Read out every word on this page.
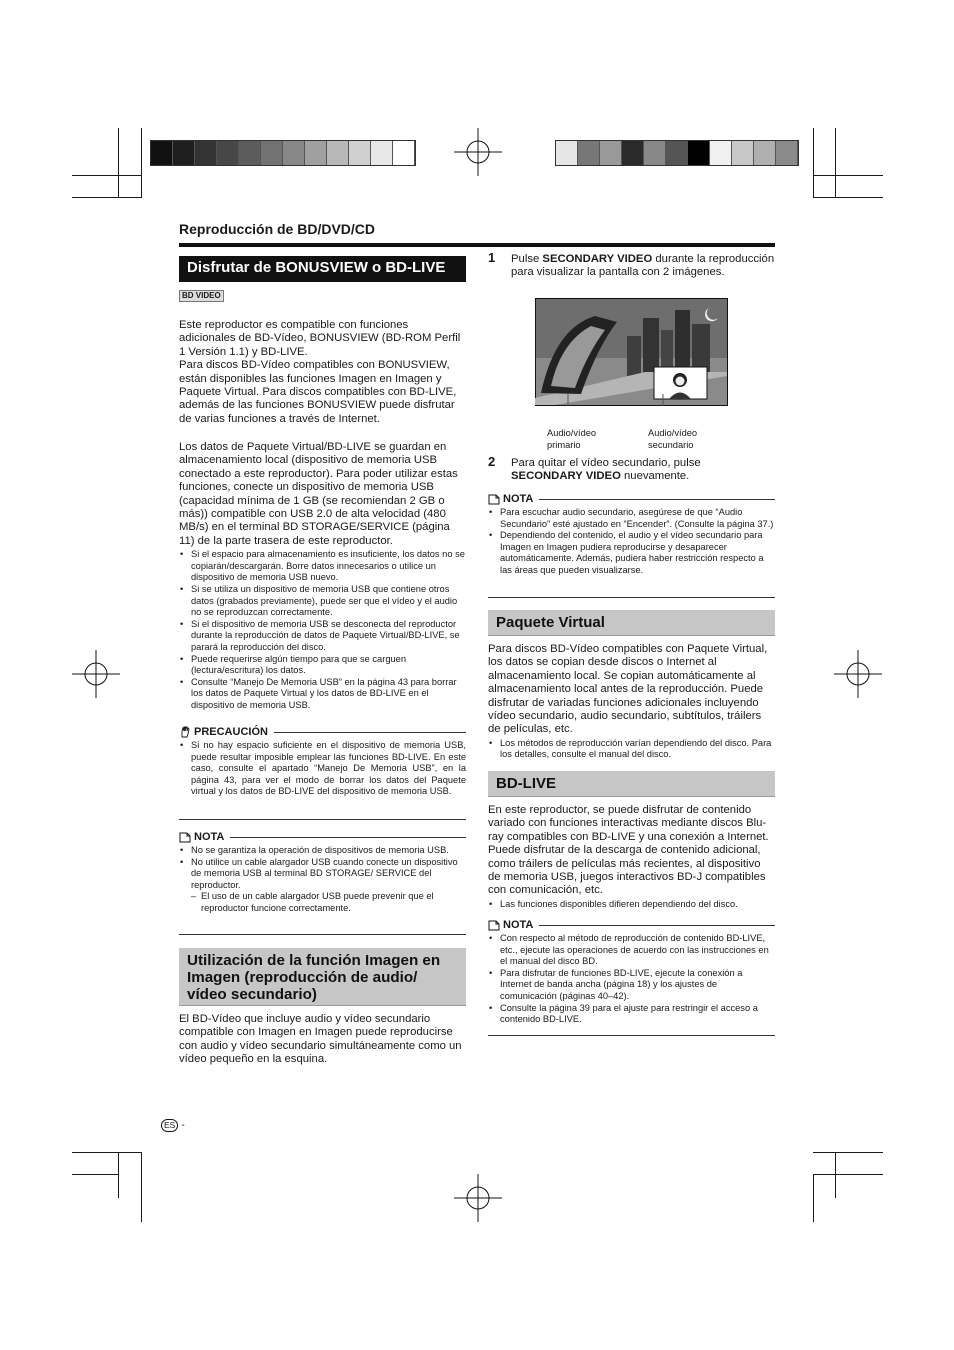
Reproducción de BD/DVD/CD
Disfrutar de BONUSVIEW o BD-LIVE
BD VIDEO

Este reproductor es compatible con funciones adicionales de BD-Vídeo, BONUSVIEW (BD-ROM Perfil 1 Versión 1.1) y BD-LIVE.

Para discos BD-Vídeo compatibles con BONUSVIEW, están disponibles las funciones Imagen en Imagen y Paquete Virtual. Para discos compatibles con BD-LIVE, además de las funciones BONUSVIEW puede disfrutar de varias funciones a través de Internet.

Los datos de Paquete Virtual/BD-LIVE se guardan en almacenamiento local (dispositivo de memoria USB conectado a este reproductor). Para poder utilizar estas funciones, conecte un dispositivo de memoria USB (capacidad mínima de 1 GB (se recomiendan 2 GB o más)) compatible con USB 2.0 de alta velocidad (480 MB/s) en el terminal BD STORAGE/SERVICE (página 11) de la parte trasera de este reproductor.

• Si el espacio para almacenamiento es insuficiente, los datos no se copiarán/descargarán. Borre datos innecesarios o utilice un dispositivo de memoria USB nuevo.
• Si se utiliza un dispositivo de memoria USB que contiene otros datos (grabados previamente), puede ser que el vídeo y el audio no se reproduzcan correctamente.
• Si el dispositivo de memoria USB se desconecta del reproductor durante la reproducción de datos de Paquete Virtual/BD-LIVE, se parará la reproducción del disco.
• Puede requerirse algún tiempo para que se carguen (lectura/escritura) los datos.
• Consulte “Manejo De Memoria USB” en la página 43 para borrar los datos de Paquete Virtual y los datos de BD-LIVE en el dispositivo de memoria USB.
PRECAUCIÓN
• Si no hay espacio suficiente en el dispositivo de memoria USB, puede resultar imposible emplear las funciones BD-LIVE. En este caso, consulte el apartado “Manejo De Memoria USB”, en la página 43, para ver el modo de borrar los datos del Paquete virtual y los datos de BD-LIVE del dispositivo de memoria USB.
NOTA
• No se garantiza la operación de dispositivos de memoria USB.
• No utilice un cable alargador USB cuando conecte un dispositivo de memoria USB al terminal BD STORAGE/ SERVICE del reproductor.
– El uso de un cable alargador USB puede prevenir que el reproductor funcione correctamente.
Utilización de la función Imagen en Imagen (reproducción de audio/ vídeo secundario)

El BD-Vídeo que incluye audio y vídeo secundario compatible con Imagen en Imagen puede reproducirse con audio y vídeo secundario simultáneamente como un vídeo pequeño en la esquina.

ES -
1 Pulse SECONDARY VIDEO durante la reproducción para visualizar la pantalla con 2 imágenes.

Audio/vídeo primario
Audio/vídeo secundario
2 Para quitar el vídeo secundario, pulse SECONDARY VIDEO nuevamente.

NOTA
• Para escuchar audio secundario, asegúrese de que “Audio Secundario” esté ajustado en “Encender”. (Consulte la página 37.)
• Dependiendo del contenido, el audio y el vídeo secundario para Imagen en Imagen pudiera reproducirse y desaparecer automáticamente. Además, pudiera haber restricción respecto a las áreas que pueden visualizarse.
Paquete Virtual

Para discos BD-Vídeo compatibles con Paquete Virtual, los datos se copian desde discos o Internet al almacenamiento local. Se copian automáticamente al almacenamiento local antes de la reproducción. Puede disfrutar de variadas funciones adicionales incluyendo vídeo secundario, audio secundario, subtítulos, tráilers de películas, etc.

• Los métodos de reproducción varían dependiendo del disco. Para los detalles, consulte el manual del disco.
BD-LIVE

En este reproductor, se puede disfrutar de contenido variado con funciones interactivas mediante discos Blu-ray compatibles con BD-LIVE y una conexión a Internet. Puede disfrutar de la descarga de contenido adicional, como tráilers de películas más recientes, al dispositivo de memoria USB, juegos interactivos BD-J compatibles con comunicación, etc.

• Las funciones disponibles difieren dependiendo del disco.
NOTA
• Con respecto al método de reproducción de contenido BD-LIVE, etc., ejecute las operaciones de acuerdo con las instrucciones en el manual del disco BD.
• Para disfrutar de funciones BD-LIVE, ejecute la conexión a Internet de banda ancha (página 18) y los ajustes de comunicación (páginas 40–42).
• Consulte la página 39 para el ajuste para restringir el acceso a contenido BD-LIVE.
